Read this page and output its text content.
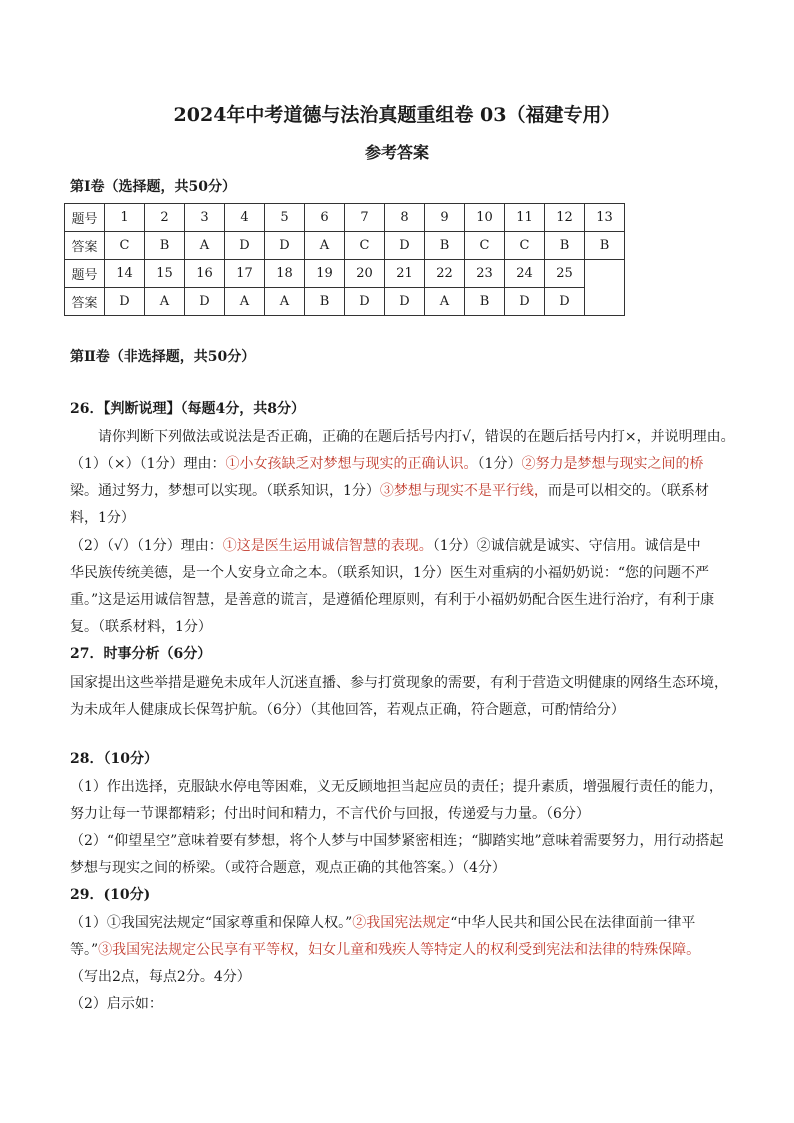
2024年中考道德与法治真题重组卷 03（福建专用）
参考答案
第Ⅰ卷（选择题，共50分）
题号	1	2	3	4	5	6	7	8	9	10	11	12	13
答案	C	B	A	D	D	A	C	D	B	C	C	B	B
题号	14	15	16	17	18	19	20	21	22	23	24	25	
答案	D	A	D	A	A	B	D	D	A	B	D	D	
第Ⅱ卷（非选择题，共50分）
26．【判断说理】（每题4分，共8分）
请你判断下列做法或说法是否正确，正确的在题后括号内打√，错误的在题后括号内打×，并说明理由。
（1）（×）（1分）理由：①小女孩缺乏对梦想与现实的正确认识。（1分）②努力是梦想与现实之间的桥
梁。通过努力，梦想可以实现。（联系知识，1分）③梦想与现实不是平行线，而是可以相交的。（联系材
料，1分）
（2）（√）（1分）理由：①这是医生运用诚信智慧的表现。（1分）②诚信就是诚实、守信用。诚信是中
华民族传统美德，是一个人安身立命之本。（联系知识，1分）医生对重病的小福奶奶说：“您的问题不严
重。”这是运用诚信智慧，是善意的谎言，是遵循伦理原则，有利于小福奶奶配合医生进行治疗，有利于康
复。（联系材料，1分）
27．时事分析（6分）
国家提出这些举措是避免未成年人沉迷直播、参与打赏现象的需要，有利于营造文明健康的网络生态环境，
为未成年人健康成长保驾护航。（6分）（其他回答，若观点正确，符合题意，可酌情给分）
28．（10分）
（1）作出选择，克服缺水停电等困难，义无反顾地担当起应员的责任；提升素质，增强履行责任的能力，
努力让每一节课都精彩；付出时间和精力，不言代价与回报，传递爱与力量。（6分）
（2）“仰望星空”意味着要有梦想，将个人梦与中国梦紧密相连；“脚踏实地”意味着需要努力，用行动搭起
梦想与现实之间的桥梁。（或符合题意，观点正确的其他答案。）（4分）
29．(10分)
（1）①我国宪法规定“国家尊重和保障人权。”②我国宪法规定“中华人民共和国公民在法律面前一律平
等。”③我国宪法规定公民享有平等权，妇女儿童和残疾人等特定人的权利受到宪法和法律的特殊保障。
（写出2点，每点2分。4分）
（2）启示如：
